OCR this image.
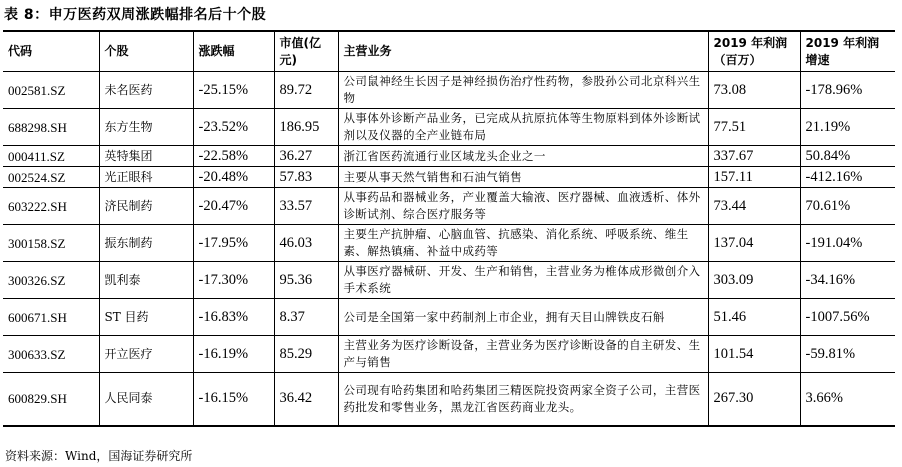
表 8：申万医药双周涨跌幅排名后十个股
代码	个股	涨跌幅	市值(亿元)	主营业务	2019 年利润（百万）	2019 年利润增速
002581.SZ	未名医药	-25.15%	89.72	公司鼠神经生长因子是神经损伤治疗性药物，参股孙公司北京科兴生物	73.08	-178.96%
688298.SH	东方生物	-23.52%	186.95	从事体外诊断产品业务，已完成从抗原抗体等生物原料到体外诊断试剂以及仪器的全产业链布局	77.51	21.19%
000411.SZ	英特集团	-22.58%	36.27	浙江省医药流通行业区域龙头企业之一	337.67	50.84%
002524.SZ	光正眼科	-20.48%	57.83	主要从事天然气销售和石油气销售	157.11	-412.16%
603222.SH	济民制药	-20.47%	33.57	从事药品和器械业务，产业覆盖大输液、医疗器械、血液透析、体外诊断试剂、综合医疗服务等	73.44	70.61%
300158.SZ	振东制药	-17.95%	46.03	主要生产抗肿瘤、心脑血管、抗感染、消化系统、呼吸系统、维生素、解热镇痛、补益中成药等	137.04	-191.04%
300326.SZ	凯利泰	-17.30%	95.36	从事医疗器械研、开发、生产和销售，主营业务为椎体成形微创介入手术系统	303.09	-34.16%
600671.SH	ST 目药	-16.83%	8.37	公司是全国第一家中药制剂上市企业，拥有天目山牌铁皮石斛	51.46	-1007.56%
300633.SZ	开立医疗	-16.19%	85.29	主营业务为医疗诊断设备，主营业务为医疗诊断设备的自主研发、生产与销售	101.54	-59.81%
600829.SH	人民同泰	-16.15%	36.42	公司现有哈药集团和哈药集团三精医院投资两家全资子公司，主营医药批发和零售业务，黑龙江省医药商业龙头。	267.30	3.66%
资料来源：Wind，国海证券研究所
